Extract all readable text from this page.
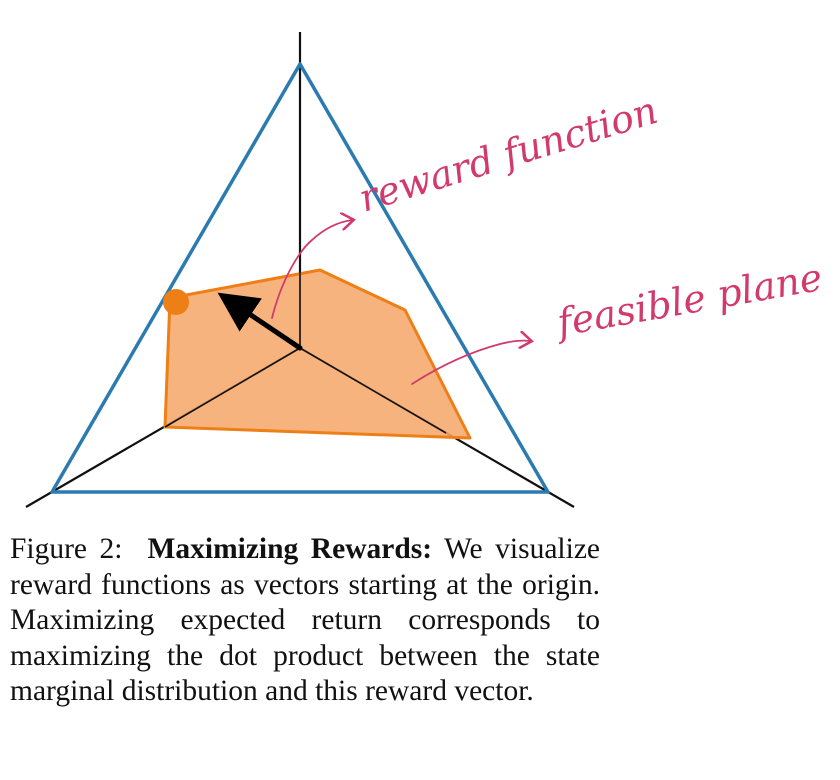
reward function
feasible plane
Figure 2: Maximizing Rewards: We visualize reward functions as vectors starting at the origin. Maximizing expected return corresponds to maximizing the dot product between the state marginal distribution and this reward vector.
